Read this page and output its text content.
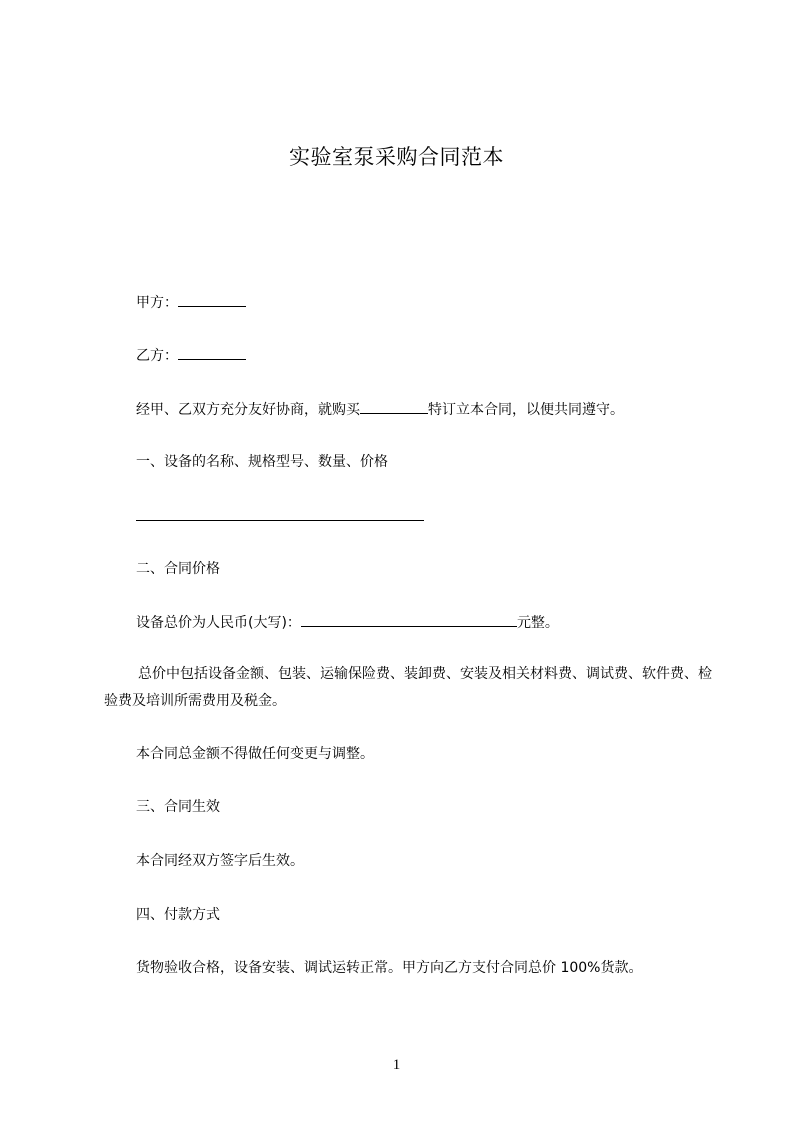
实验室泵采购合同范本
甲方：
乙方：
经甲、乙双方充分友好协商，就购买	特订立本合同，以便共同遵守。
一、设备的名称、规格型号、数量、价格
二、合同价格
设备总价为人民币(大写)：	元整。
总价中包括设备金额、包装、运输保险费、装卸费、安装及相关材料费、调试费、软件费、检验费及培训所需费用及税金。
本合同总金额不得做任何变更与调整。
三、合同生效
本合同经双方签字后生效。
四、付款方式
货物验收合格，设备安装、调试运转正常。甲方向乙方支付合同总价 100%货款。
1
